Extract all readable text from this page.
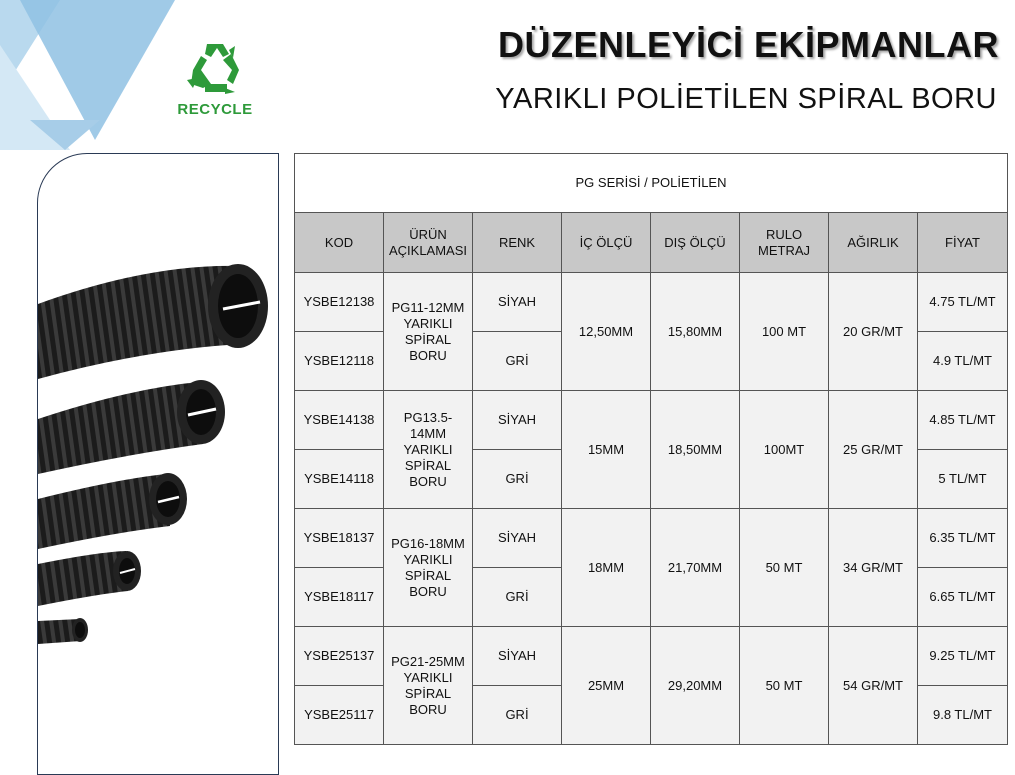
RECYCLE
DÜZENLEYİCİ EKİPMANLAR
YARIKLI POLİETİLEN SPİRAL BORU
PG SERİSİ / POLİETİLEN							
KOD	ÜRÜN AÇIKLAMASI	RENK	İÇ ÖLÇÜ	DIŞ ÖLÇÜ	RULO METRAJ	AĞIRLIK	FİYAT
YSBE12138	PG11-12MM YARIKLI SPİRAL BORU	SİYAH	12,50MM	15,80MM	100 MT	20 GR/MT	4.75 TL/MT
YSBE12118		GRİ					4.9 TL/MT
YSBE14138	PG13.5-14MM YARIKLI SPİRAL BORU	SİYAH	15MM	18,50MM	100MT	25 GR/MT	4.85 TL/MT
YSBE14118		GRİ					5 TL/MT
YSBE18137	PG16-18MM YARIKLI SPİRAL BORU	SİYAH	18MM	21,70MM	50 MT	34 GR/MT	6.35 TL/MT
YSBE18117		GRİ					6.65 TL/MT
YSBE25137	PG21-25MM YARIKLI SPİRAL BORU	SİYAH	25MM	29,20MM	50 MT	54 GR/MT	9.25 TL/MT
YSBE25117		GRİ					9.8 TL/MT
